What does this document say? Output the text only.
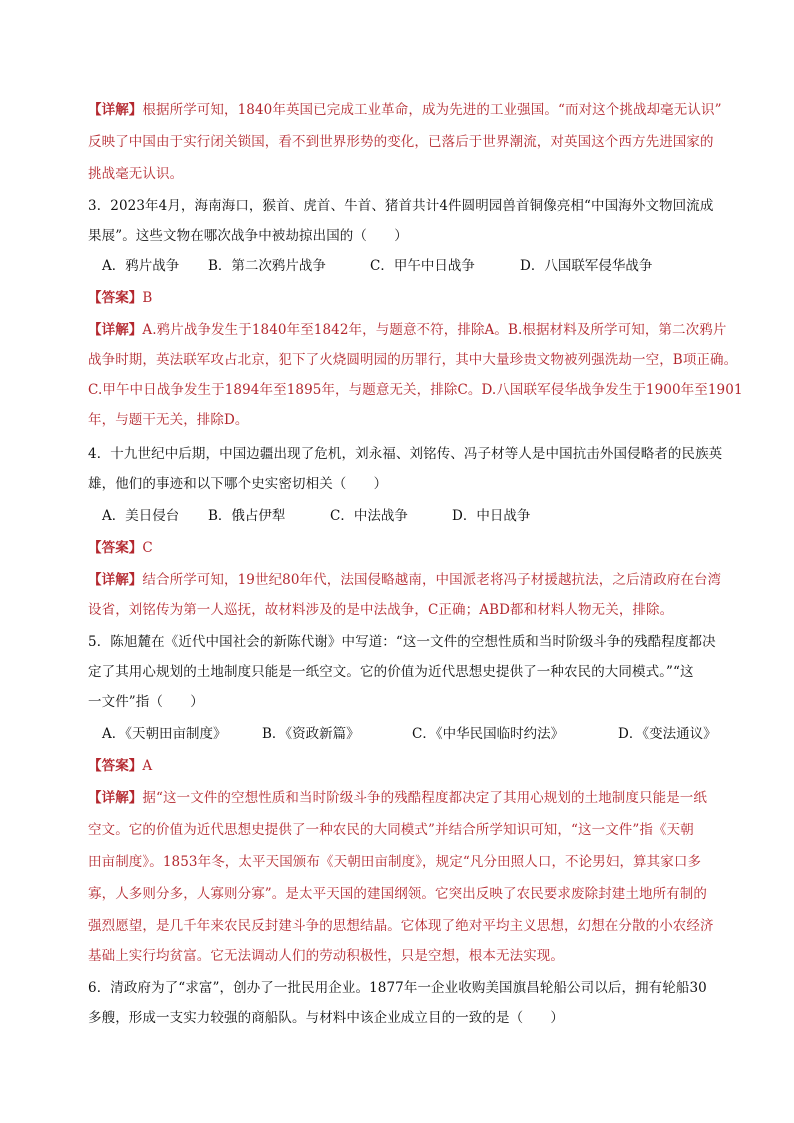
【详解】根据所学可知，1840年英国已完成工业革命，成为先进的工业强国。“而对这个挑战却毫无认识”
反映了中国由于实行闭关锁国，看不到世界形势的变化，已落后于世界潮流，对英国这个西方先进国家的
挑战毫无认识。
3．2023年4月，海南海口，猴首、虎首、牛首、猪首共计4件圆明园兽首铜像亮相“中国海外文物回流成
果展”。这些文物在哪次战争中被劫掠出国的（　　）
A．鸦片战争 B．第二次鸦片战争	C．甲午中日战争	D．八国联军侵华战争
【答案】B
【详解】A.鸦片战争发生于1840年至1842年，与题意不符，排除A。B.根据材料及所学可知，第二次鸦片
战争时期，英法联军攻占北京，犯下了火烧圆明园的历罪行，其中大量珍贵文物被列强洗劫一空，B项正确。
C.甲午中日战争发生于1894年至1895年，与题意无关，排除C。D.八国联军侵华战争发生于1900年至1901
年，与题干无关，排除D。
4．十九世纪中后期，中国边疆出现了危机，刘永福、刘铭传、冯子材等人是中国抗击外国侵略者的民族英
雄，他们的事迹和以下哪个史实密切相关（　　）
A．美日侵台 B．俄占伊犁	C．中法战争	D．中日战争
【答案】C
【详解】结合所学可知，19世纪80年代，法国侵略越南，中国派老将冯子材援越抗法，之后清政府在台湾
设省，刘铭传为第一人巡抚，故材料涉及的是中法战争，C正确；ABD都和材料人物无关，排除。
5．陈旭麓在《近代中国社会的新陈代谢》中写道：“这一文件的空想性质和当时阶级斗争的残酷程度都决
定了其用心规划的土地制度只能是一纸空文。它的价值为近代思想史提供了一种农民的大同模式。”“这
一文件”指（　　）
A．《天朝田亩制度》	B．《资政新篇》	C．《中华民国临时约法》	D．《变法通议》
【答案】A
【详解】据“这一文件的空想性质和当时阶级斗争的残酷程度都决定了其用心规划的土地制度只能是一纸
空文。它的价值为近代思想史提供了一种农民的大同模式”并结合所学知识可知，“这一文件”指《天朝
田亩制度》。1853年冬，太平天国颁布《天朝田亩制度》，规定“凡分田照人口，不论男妇，算其家口多
寡，人多则分多，人寡则分寡”。是太平天国的建国纲领。它突出反映了农民要求废除封建土地所有制的
强烈愿望，是几千年来农民反封建斗争的思想结晶。它体现了绝对平均主义思想，幻想在分散的小农经济
基础上实行均贫富。它无法调动人们的劳动积极性，只是空想，根本无法实现。
6．清政府为了“求富”，创办了一批民用企业。1877年一企业收购美国旗昌轮船公司以后，拥有轮船30
多艘，形成一支实力较强的商船队。与材料中该企业成立目的一致的是（　　）
